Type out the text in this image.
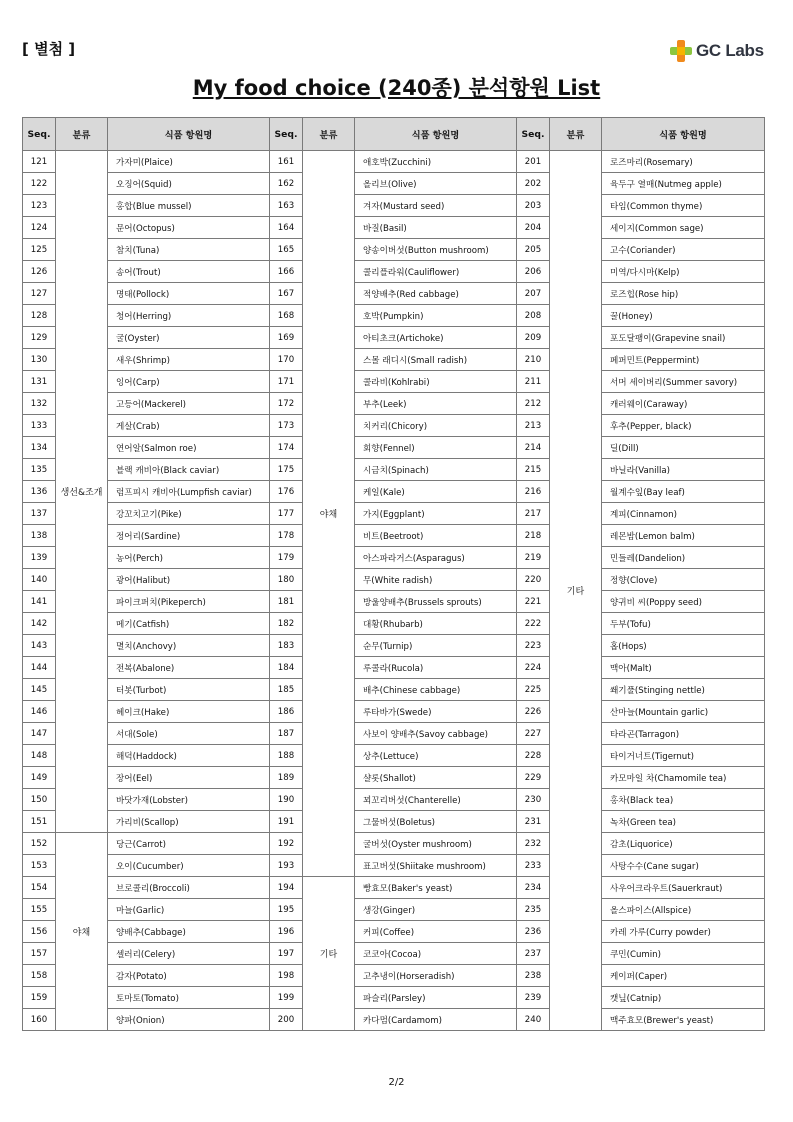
[ 별첨 ]	GC Labs
My food choice (240종) 분석항원 List
Seq.	분류	식품 항원명	Seq.	분류	식품 항원명	Seq.	분류	식품 항원명
121	생선&조개	가자미(Plaice)	161	야채	애호박(Zucchini)	201	기타	로즈마리(Rosemary)
122		오징어(Squid)	162		올리브(Olive)	202		육두구 열매(Nutmeg apple)
123		홍합(Blue mussel)	163		겨자(Mustard seed)	203		타임(Common thyme)
124		문어(Octopus)	164		바질(Basil)	204		세이지(Common sage)
125		참치(Tuna)	165		양송이버섯(Button mushroom)	205		고수(Coriander)
126		송어(Trout)	166		콜리플라워(Cauliflower)	206		미역/다시마(Kelp)
127		명태(Pollock)	167		적양배추(Red cabbage)	207		로즈힙(Rose hip)
128		청어(Herring)	168		호박(Pumpkin)	208		꿀(Honey)
129		굴(Oyster)	169		아티초크(Artichoke)	209		포도달팽이(Grapevine snail)
130		새우(Shrimp)	170		스몰 래디시(Small radish)	210		페퍼민트(Peppermint)
131		잉어(Carp)	171		콜라비(Kohlrabi)	211		서머 세이버리(Summer savory)
132		고등어(Mackerel)	172		부추(Leek)	212		캐러웨이(Caraway)
133		게살(Crab)	173		치커리(Chicory)	213		후추(Pepper, black)
134		연어알(Salmon roe)	174		회향(Fennel)	214		딜(Dill)
135		블랙 캐비아(Black caviar)	175		시금치(Spinach)	215		바닐라(Vanilla)
136		럼프피시 캐비아(Lumpfish caviar)	176		케일(Kale)	216		월계수잎(Bay leaf)
137		강꼬치고기(Pike)	177		가지(Eggplant)	217		계피(Cinnamon)
138		정어리(Sardine)	178		비트(Beetroot)	218		레몬밤(Lemon balm)
139		농어(Perch)	179		아스파라거스(Asparagus)	219		민들레(Dandelion)
140		광어(Halibut)	180		무(White radish)	220		정향(Clove)
141		파이크퍼치(Pikeperch)	181		방울양배추(Brussels sprouts)	221		양귀비 씨(Poppy seed)
142		메기(Catfish)	182		대황(Rhubarb)	222		두부(Tofu)
143		멸치(Anchovy)	183		순무(Turnip)	223		홉(Hops)
144		전복(Abalone)	184		루콜라(Rucola)	224		맥아(Malt)
145		터봇(Turbot)	185		배추(Chinese cabbage)	225		쐐기풀(Stinging nettle)
146		헤이크(Hake)	186		루타바가(Swede)	226		산마늘(Mountain garlic)
147		서대(Sole)	187		사보이 양배추(Savoy cabbage)	227		타라곤(Tarragon)
148		해덕(Haddock)	188		상추(Lettuce)	228		타이거너트(Tigernut)
149		장어(Eel)	189		샬롯(Shallot)	229		카모마일 차(Chamomile tea)
150		바닷가재(Lobster)	190		꾀꼬리버섯(Chanterelle)	230		홍차(Black tea)
151		가리비(Scallop)	191		그물버섯(Boletus)	231		녹차(Green tea)
152	야채	당근(Carrot)	192		굴버섯(Oyster mushroom)	232		감초(Liquorice)
153		오이(Cucumber)	193		표고버섯(Shiitake mushroom)	233		사탕수수(Cane sugar)
154		브로콜리(Broccoli)	194	기타	빵효모(Baker's yeast)	234		사우어크라우트(Sauerkraut)
155		마늘(Garlic)	195		생강(Ginger)	235		올스파이스(Allspice)
156		양배추(Cabbage)	196		커피(Coffee)	236		카레 가루(Curry powder)
157		셀러리(Celery)	197		코코아(Cocoa)	237		쿠민(Cumin)
158		감자(Potato)	198		고추냉이(Horseradish)	238		케이퍼(Caper)
159		토마토(Tomato)	199		파슬리(Parsley)	239		캣닢(Catnip)
160		양파(Onion)	200		카다멈(Cardamom)	240		맥주효모(Brewer's yeast)
2/2
